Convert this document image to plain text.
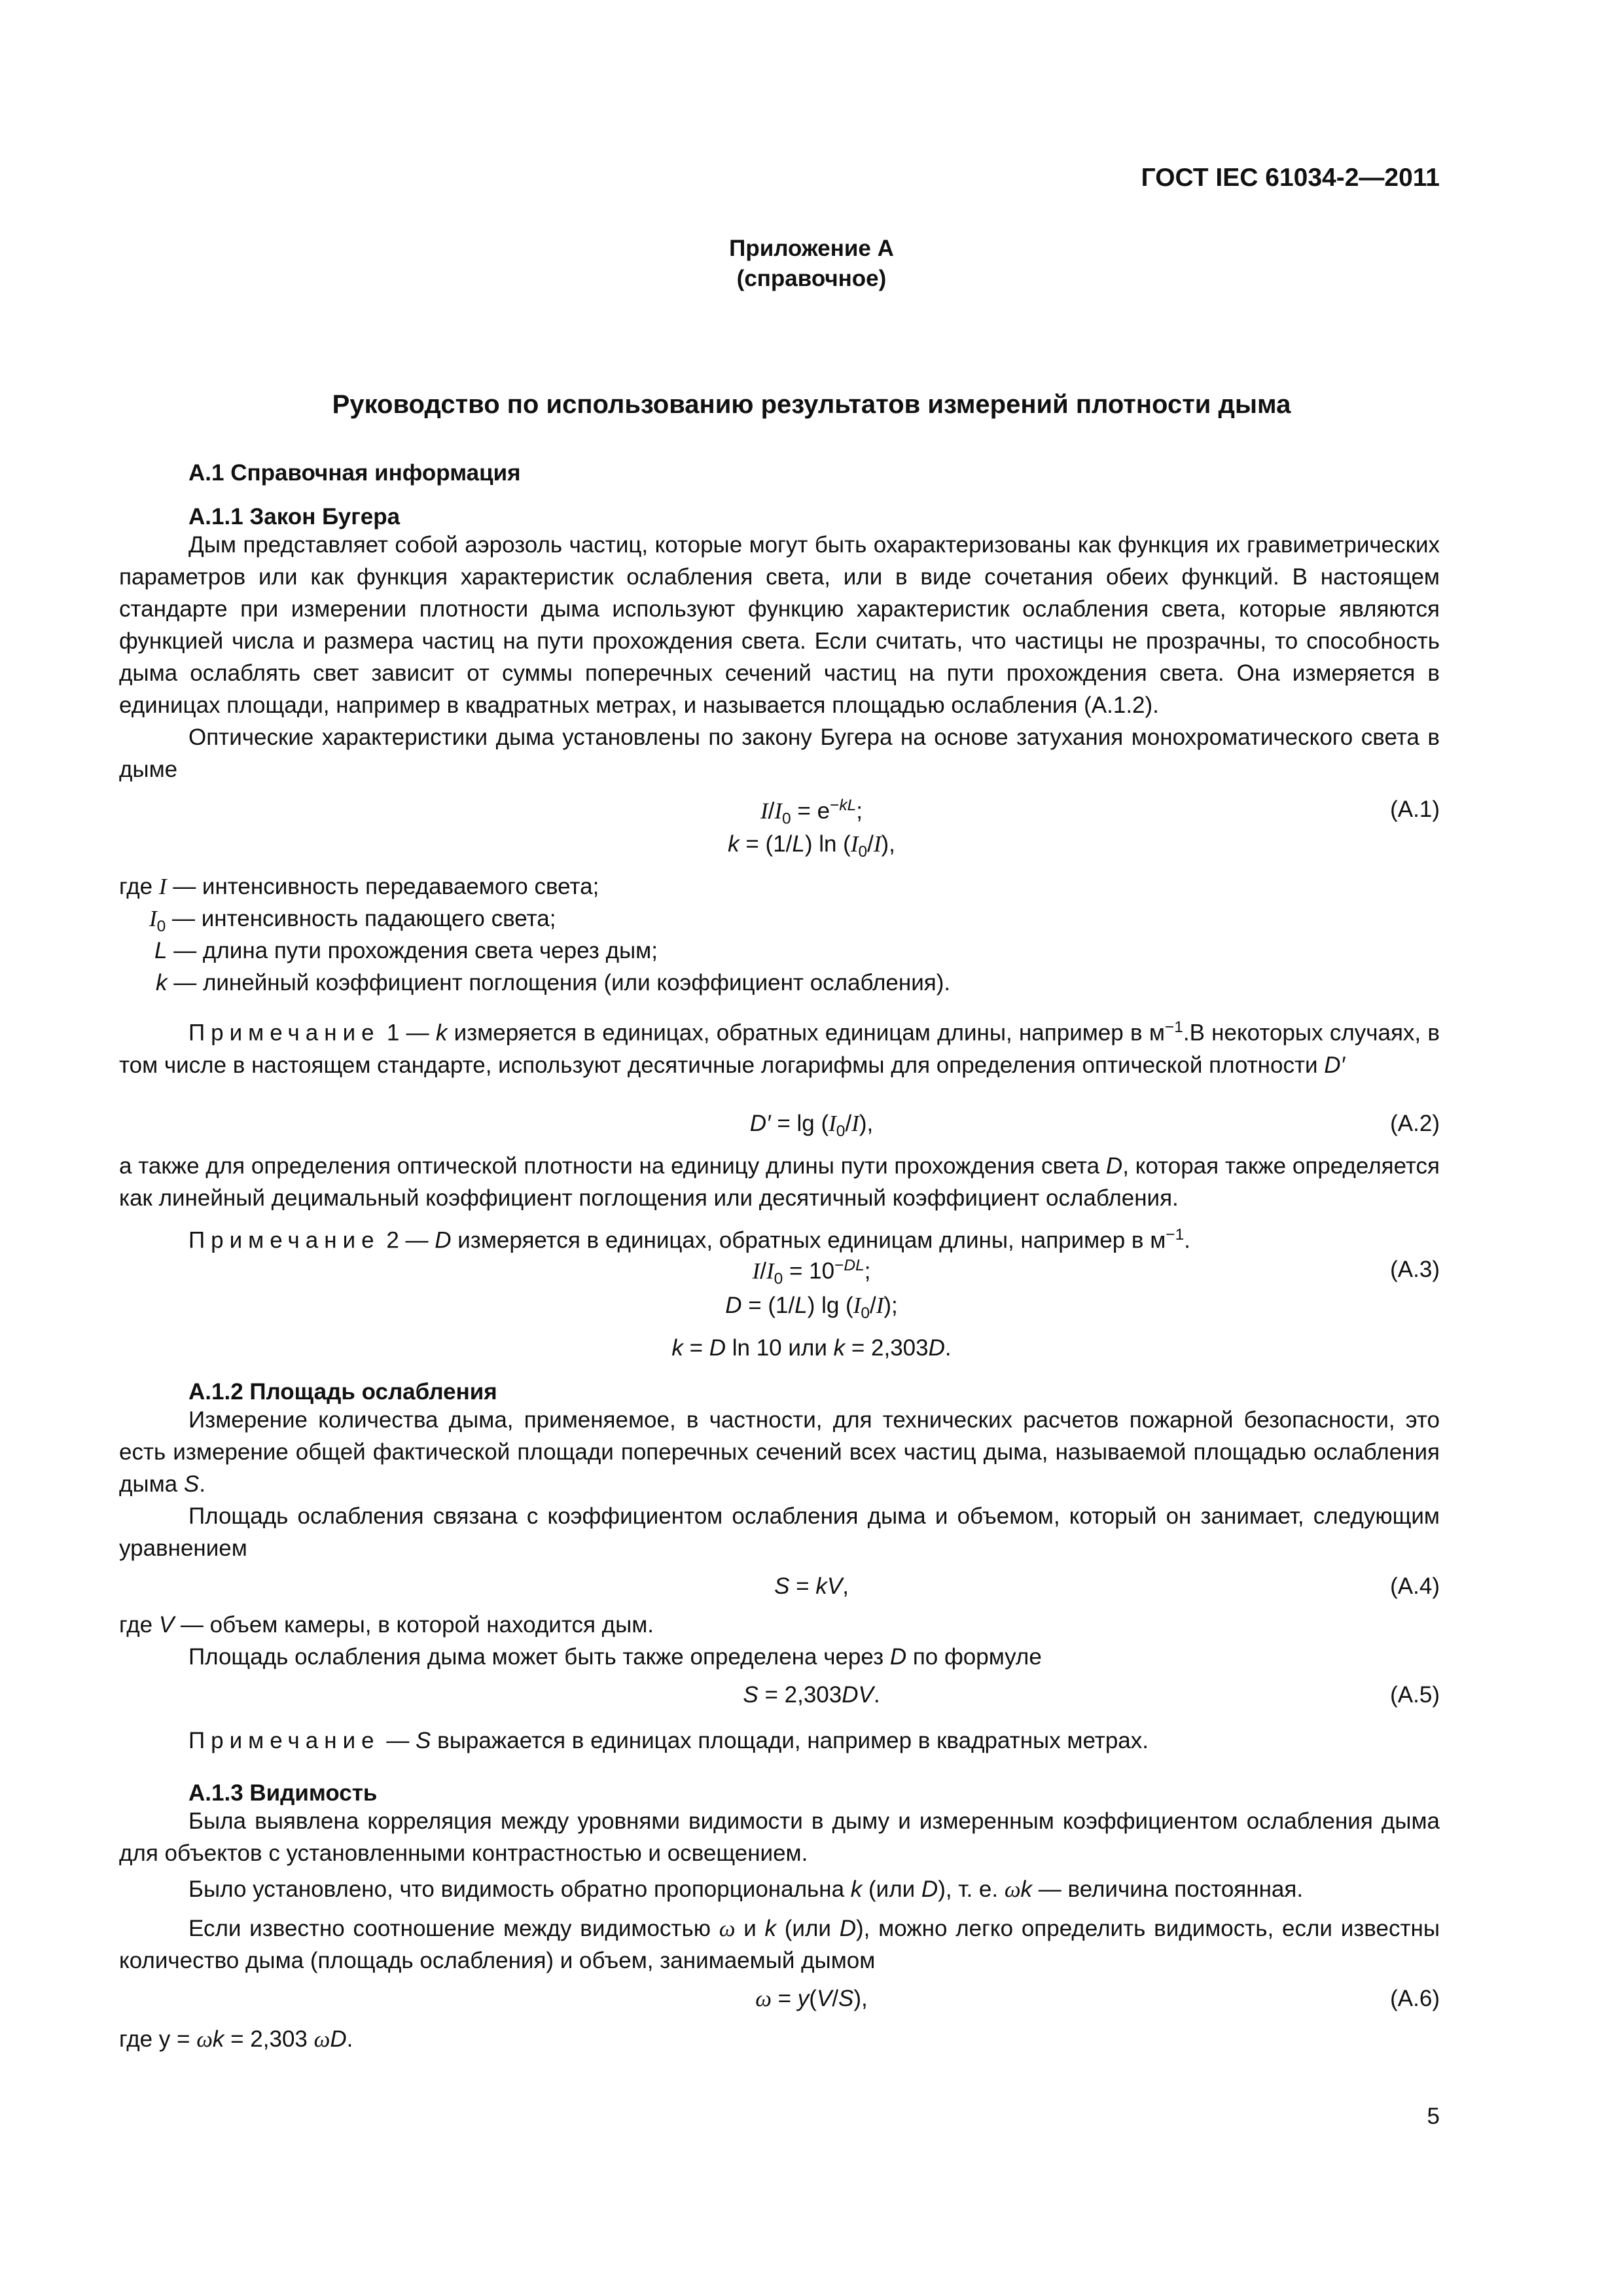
ГОСТ IEC 61034-2—2011
Приложение А
(справочное)
Руководство по использованию результатов измерений плотности дыма
A.1 Справочная информация
A.1.1 Закон Бугера
Дым представляет собой аэрозоль частиц, которые могут быть охарактеризованы как функция их гравиметрических параметров или как функция характеристик ослабления света, или в виде сочетания обеих функций. В настоящем стандарте при измерении плотности дыма используют функцию характеристик ослабления света, которые являются функцией числа и размера частиц на пути прохождения света. Если считать, что частицы не прозрачны, то способность дыма ослаблять свет зависит от суммы поперечных сечений частиц на пути прохождения света. Она измеряется в единицах площади, например в квадратных метрах, и называется площадью ослабления (A.1.2).
Оптические характеристики дыма установлены по закону Бугера на основе затухания монохроматического света в дыме
$I/I_0 = e^{-kL}$;	(А.1)
k = (1/L) $\ln (I_0/I)$,
где I — интенсивность передаваемого света;
$I_0$ — интенсивность падающего света;
L — длина пути прохождения света через дым;
k — линейный коэффициент поглощения (или коэффициент ослабления).
Примечание 1 — k измеряется в единицах, обратных единицам длины, например в $м^{-1}.В$ некоторых случаях, в том числе в настоящем стандарте, используют десятичные логарифмы для определения оптической плотности D′
$D' = \lg (I_0/I)$,	(А.2)
а также для определения оптической плотности на единицу длины пути прохождения света D, которая также определяется как линейный децимальный коэффициент поглощения или десятичный коэффициент ослабления.
Примечание 2 — D измеряется в единицах, обратных единицам длины, например в $м^{-1}$.
$I/I_0 = 10^{-DL}$;	(А.3)
D = (1/L) $\lg (I_0/I)$;
k = D ln 10 или k = 2,303D.
A.1.2 Площадь ослабления
Измерение количества дыма, применяемое, в частности, для технических расчетов пожарной безопасности, это есть измерение общей фактической площади поперечных сечений всех частиц дыма, называемой площадью ослабления дыма S.
Площадь ослабления связана с коэффициентом ослабления дыма и объемом, который он занимает, следующим уравнением
S = kV,	(А.4)
где V — объем камеры, в которой находится дым.
Площадь ослабления дыма может быть также определена через D по формуле
S = 2,303DV.	(А.5)
Примечание — S выражается в единицах площади, например в квадратных метрах.
A.1.3 Видимость
Была выявлена корреляция между уровнями видимости в дыму и измеренным коэффициентом ослабления дыма для объектов с установленными контрастностью и освещением.
Было установлено, что видимость обратно пропорциональна k (или D), т. е. ωk — величина постоянная.
Если известно соотношение между видимостью ω и k (или D), можно легко определить видимость, если известны количество дыма (площадь ослабления) и объем, занимаемый дымом
ω = y(V/S),	(А.6)
где у = ωk = 2,303 ωD.
5
